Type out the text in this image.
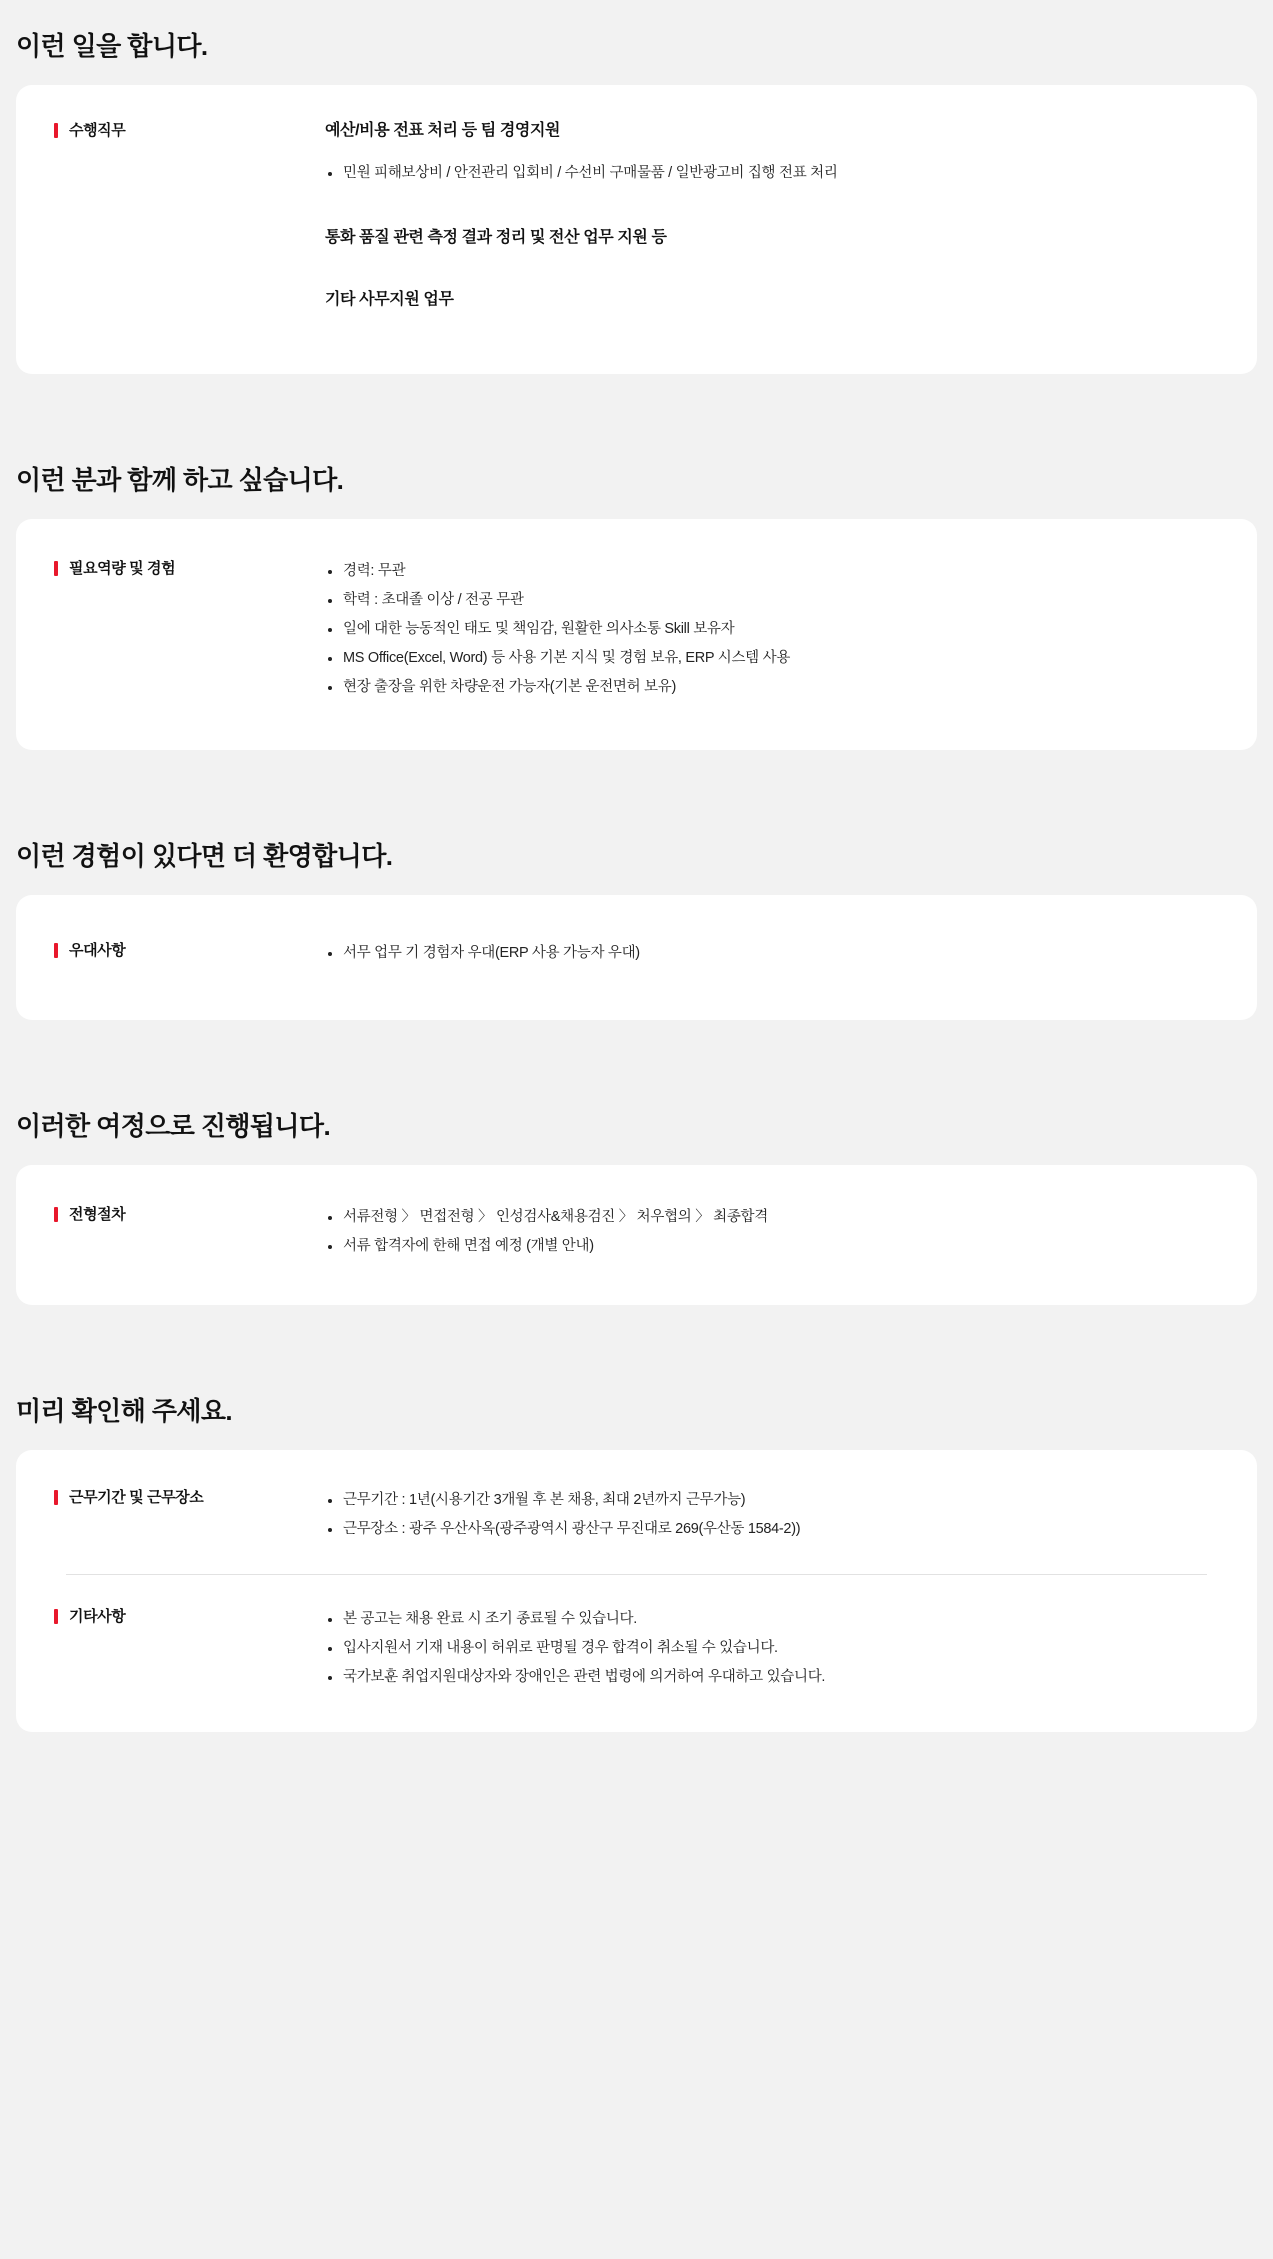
이런 일을 합니다.
수행직무	예산/비용 전표 처리 등 팀 경영지원

민원 피해보상비 / 안전관리 입회비 / 수선비 구매물품 / 일반광고비 집행 전표 처리

통화 품질 관련 측정 결과 정리 및 전산 업무 지원 등

기타 사무지원 업무

이런 분과 함께 하고 싶습니다.
필요역량 및 경험	경력: 무관
학력 : 초대졸 이상 / 전공 무관
일에 대한 능동적인 태도 및 책임감, 원활한 의사소통 Skill 보유자
MS Office(Excel, Word) 등 사용 기본 지식 및 경험 보유, ERP 시스템 사용
현장 출장을 위한 차량운전 가능자(기본 운전면허 보유)
이런 경험이 있다면 더 환영합니다.
우대사항	서무 업무 기 경험자 우대(ERP 사용 가능자 우대)
이러한 여정으로 진행됩니다.
전형절차	서류전형 〉 면접전형 〉 인성검사&채용검진 〉 처우협의 〉 최종합격
서류 합격자에 한해 면접 예정 (개별 안내)
미리 확인해 주세요.
근무기간 및 근무장소	근무기간 : 1년(시용기간 3개월 후 본 채용, 최대 2년까지 근무가능)
근무장소 : 광주 우산사옥(광주광역시 광산구 무진대로 269(우산동 1584-2))
기타사항	본 공고는 채용 완료 시 조기 종료될 수 있습니다.
입사지원서 기재 내용이 허위로 판명될 경우 합격이 취소될 수 있습니다.
국가보훈 취업지원대상자와 장애인은 관련 법령에 의거하여 우대하고 있습니다.
